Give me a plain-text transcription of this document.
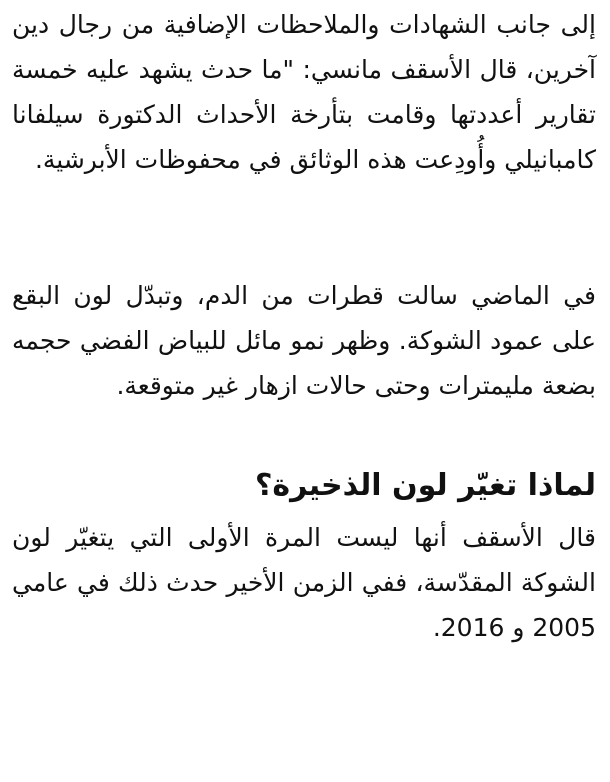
إلى جانب الشهادات والملاحظات الإضافية من رجال دين آخرين، قال الأسقف مانسي: "ما حدث يشهد عليه خمسة تقارير أعددتها وقامت بتأرخة الأحداث الدكتورة سيلفانا كامبانيلي وأُودِعت هذه الوثائق في محفوظات الأبرشية.

في الماضي سالت قطرات من الدم، وتبدّل لون البقع على عمود الشوكة. وظهر نمو مائل للبياض الفضي حجمه بضعة مليمترات وحتى حالات ازهار غير متوقعة.

لماذا تغيّر لون الذخيرة؟

قال الأسقف أنها ليست المرة الأولى التي يتغيّر لون الشوكة المقدّسة، ففي الزمن الأخير حدث ذلك في عامي 2005 و 2016.
